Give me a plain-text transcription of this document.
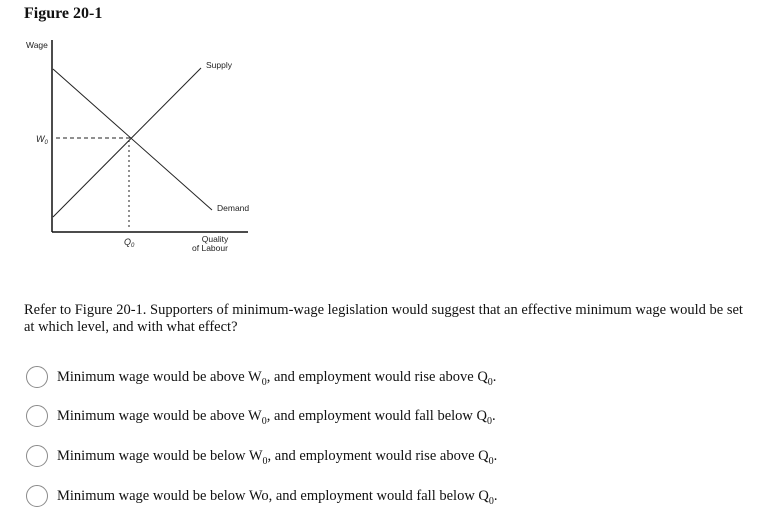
Figure 20-1
Wage
Supply
Demand
$W_0$
$Q_0$
Quality
of Labour
Refer to Figure 20-1. Supporters of minimum-wage legislation would suggest that an effective minimum wage would be set at which level, and with what effect?
Minimum wage would be above $W_0$, and employment would rise above $Q_0$.
Minimum wage would be above $W_0$, and employment would fall below $Q_0$.
Minimum wage would be below $W_0$, and employment would rise above $Q_0$.
Minimum wage would be below Wo, and employment would fall below $Q_0$.
